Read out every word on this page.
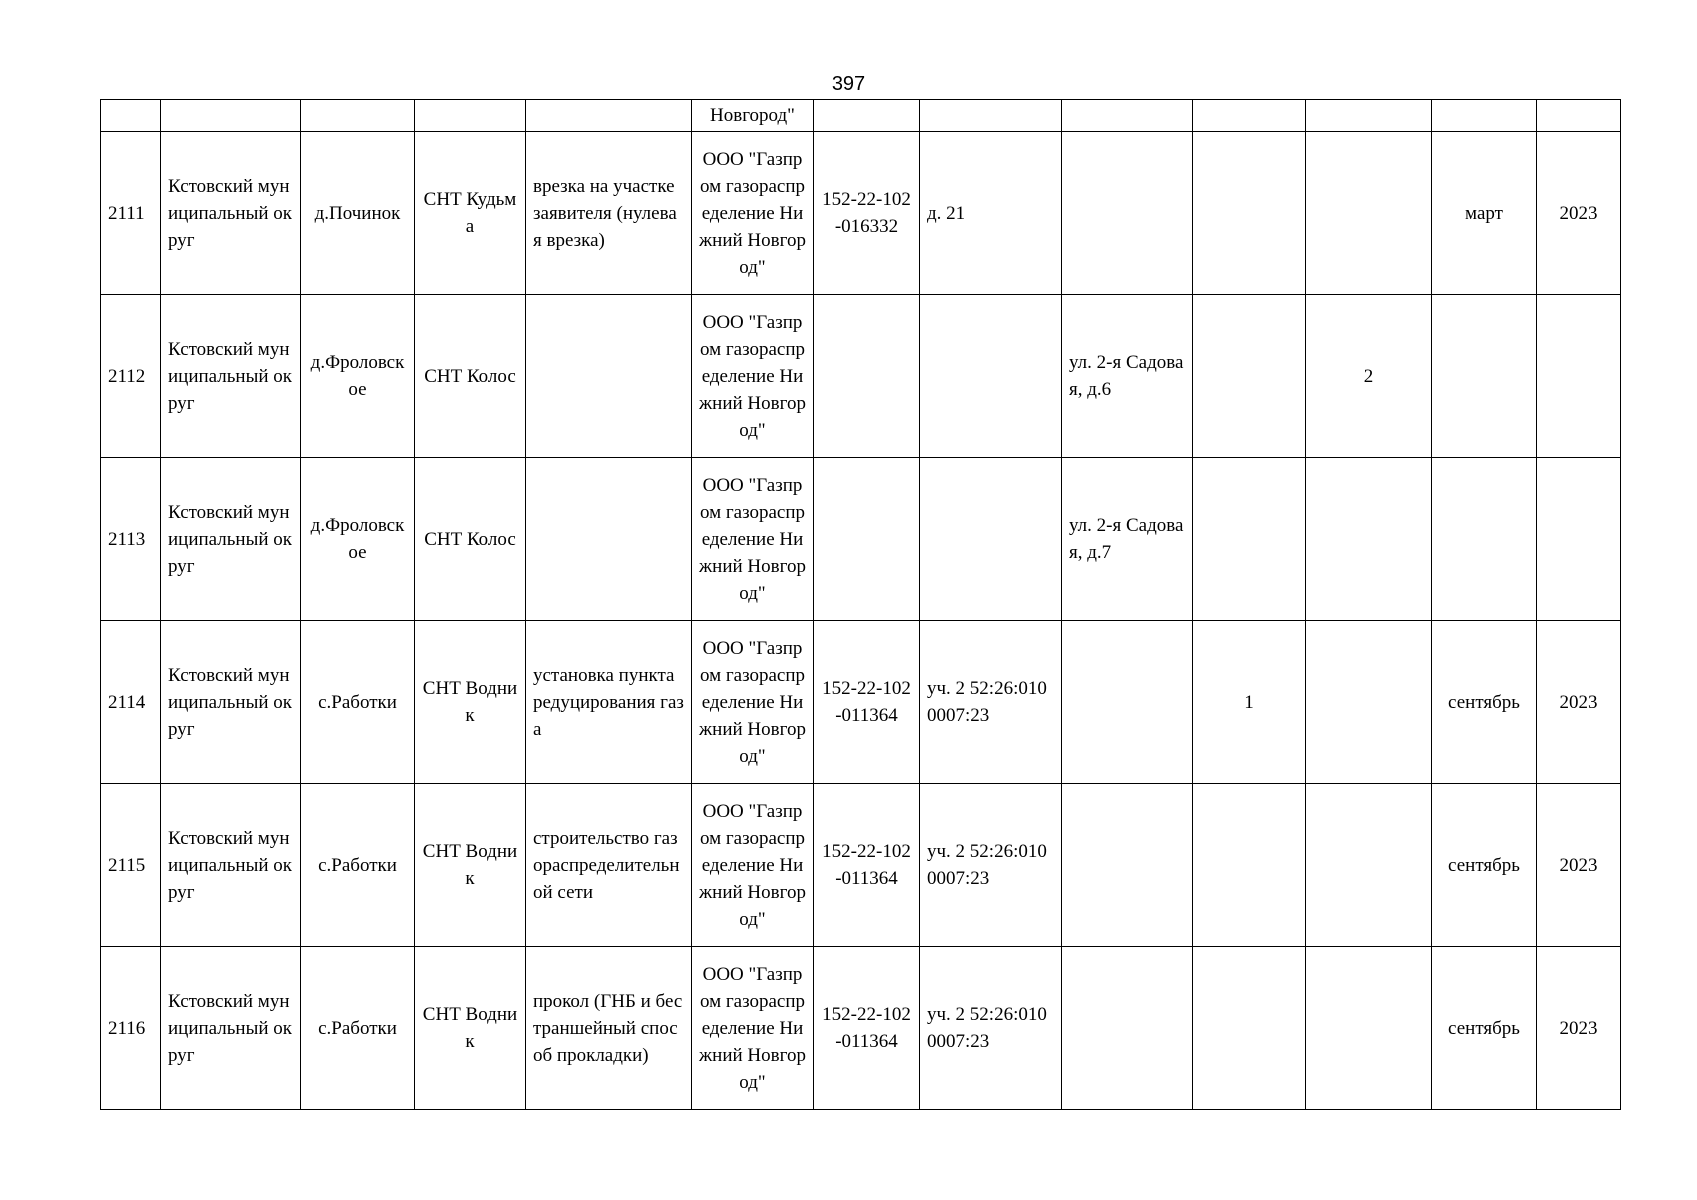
397
					Новгород"							
2111	Кстовский муниципальный округ	д.Починок	СНТ Кудьма	врезка на участке заявителя (нулевая врезка)	ООО "Газпром газораспределение Нижний Новгород"	152-22-102-016332	д. 21				март	2023
2112	Кстовский муниципальный округ	д.Фроловское	СНТ Колос		ООО "Газпром газораспределение Нижний Новгород"			ул. 2-я Садовая, д.6		2		
2113	Кстовский муниципальный округ	д.Фроловское	СНТ Колос		ООО "Газпром газораспределение Нижний Новгород"			ул. 2-я Садовая, д.7				
2114	Кстовский муниципальный округ	с.Работки	СНТ Водник	установка пункта редуцирования газа	ООО "Газпром газораспределение Нижний Новгород"	152-22-102-011364	уч. 2 52:26:0100007:23		1		сентябрь	2023
2115	Кстовский муниципальный округ	с.Работки	СНТ Водник	строительство газораспределительной сети	ООО "Газпром газораспределение Нижний Новгород"	152-22-102-011364	уч. 2 52:26:0100007:23				сентябрь	2023
2116	Кстовский муниципальный округ	с.Работки	СНТ Водник	прокол (ГНБ и бестраншейный способ прокладки)	ООО "Газпром газораспределение Нижний Новгород"	152-22-102-011364	уч. 2 52:26:0100007:23				сентябрь	2023
